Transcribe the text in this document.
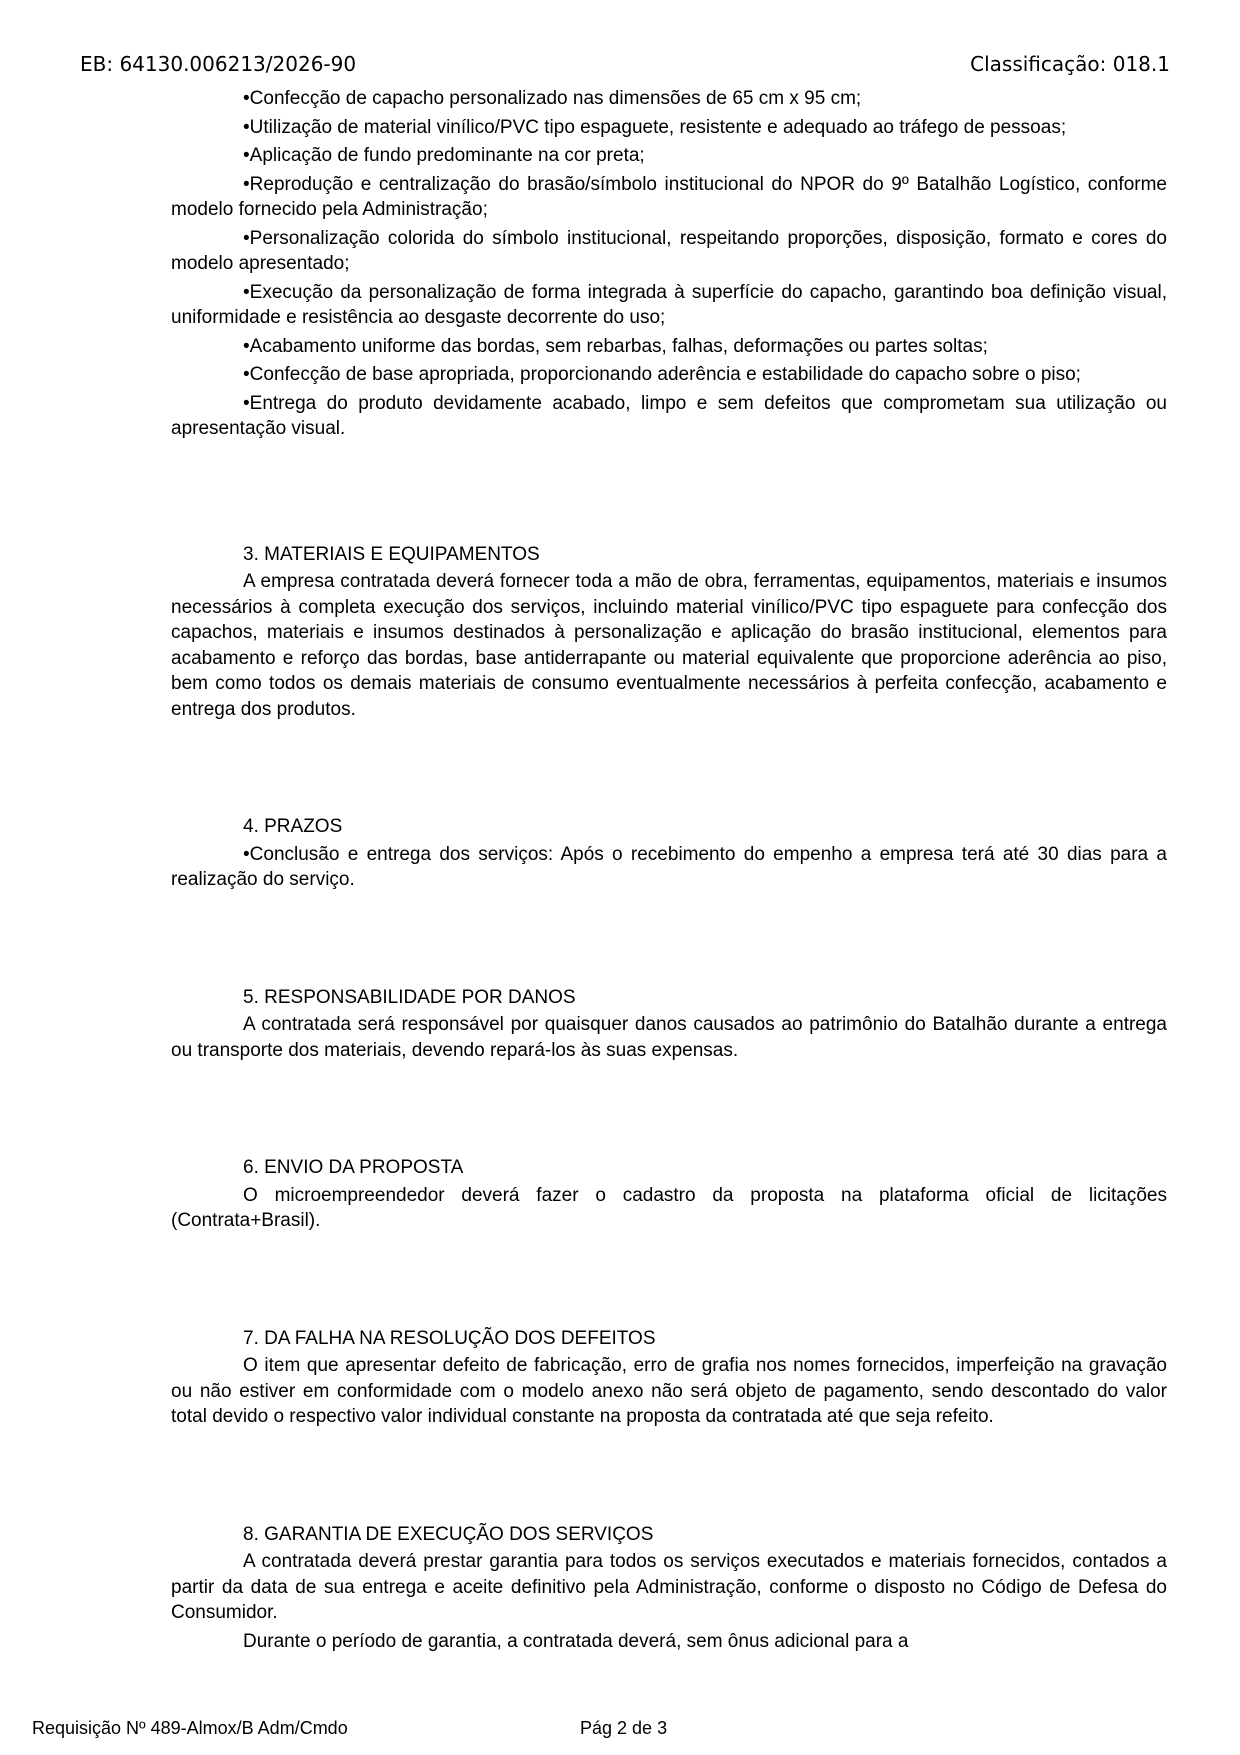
EB: 64130.006213/2026-90	Classificação: 018.1

•Confecção de capacho personalizado nas dimensões de 65 cm x 95 cm;

•Utilização de material vinílico/PVC tipo espaguete, resistente e adequado ao tráfego de pessoas;

•Aplicação de fundo predominante na cor preta;

•Reprodução e centralização do brasão/símbolo institucional do NPOR do 9º Batalhão Logístico, conforme modelo fornecido pela Administração;

•Personalização colorida do símbolo institucional, respeitando proporções, disposição, formato e cores do modelo apresentado;

•Execução da personalização de forma integrada à superfície do capacho, garantindo boa definição visual, uniformidade e resistência ao desgaste decorrente do uso;

•Acabamento uniforme das bordas, sem rebarbas, falhas, deformações ou partes soltas;

•Confecção de base apropriada, proporcionando aderência e estabilidade do capacho sobre o piso;

•Entrega do produto devidamente acabado, limpo e sem defeitos que comprometam sua utilização ou apresentação visual.

3. MATERIAIS E EQUIPAMENTOS

A empresa contratada deverá fornecer toda a mão de obra, ferramentas, equipamentos, materiais e insumos necessários à completa execução dos serviços, incluindo material vinílico/PVC tipo espaguete para confecção dos capachos, materiais e insumos destinados à personalização e aplicação do brasão institucional, elementos para acabamento e reforço das bordas, base antiderrapante ou material equivalente que proporcione aderência ao piso, bem como todos os demais materiais de consumo eventualmente necessários à perfeita confecção, acabamento e entrega dos produtos.

4. PRAZOS

•Conclusão e entrega dos serviços: Após o recebimento do empenho a empresa terá até 30 dias para a realização do serviço.

5. RESPONSABILIDADE POR DANOS

A contratada será responsável por quaisquer danos causados ao patrimônio do Batalhão durante a entrega ou transporte dos materiais, devendo repará-los às suas expensas.

6. ENVIO DA PROPOSTA

O microempreendedor deverá fazer o cadastro da proposta na plataforma oficial de licitações (Contrata+Brasil).

7. DA FALHA NA RESOLUÇÃO DOS DEFEITOS

O item que apresentar defeito de fabricação, erro de grafia nos nomes fornecidos, imperfeição na gravação ou não estiver em conformidade com o modelo anexo não será objeto de pagamento, sendo descontado do valor total devido o respectivo valor individual constante na proposta da contratada até que seja refeito.

8. GARANTIA DE EXECUÇÃO DOS SERVIÇOS

A contratada deverá prestar garantia para todos os serviços executados e materiais fornecidos, contados a partir da data de sua entrega e aceite definitivo pela Administração, conforme o disposto no Código de Defesa do Consumidor.

Durante o período de garantia, a contratada deverá, sem ônus adicional para a

Requisição Nº 489-Almox/B Adm/Cmdo	Pág 2 de 3
